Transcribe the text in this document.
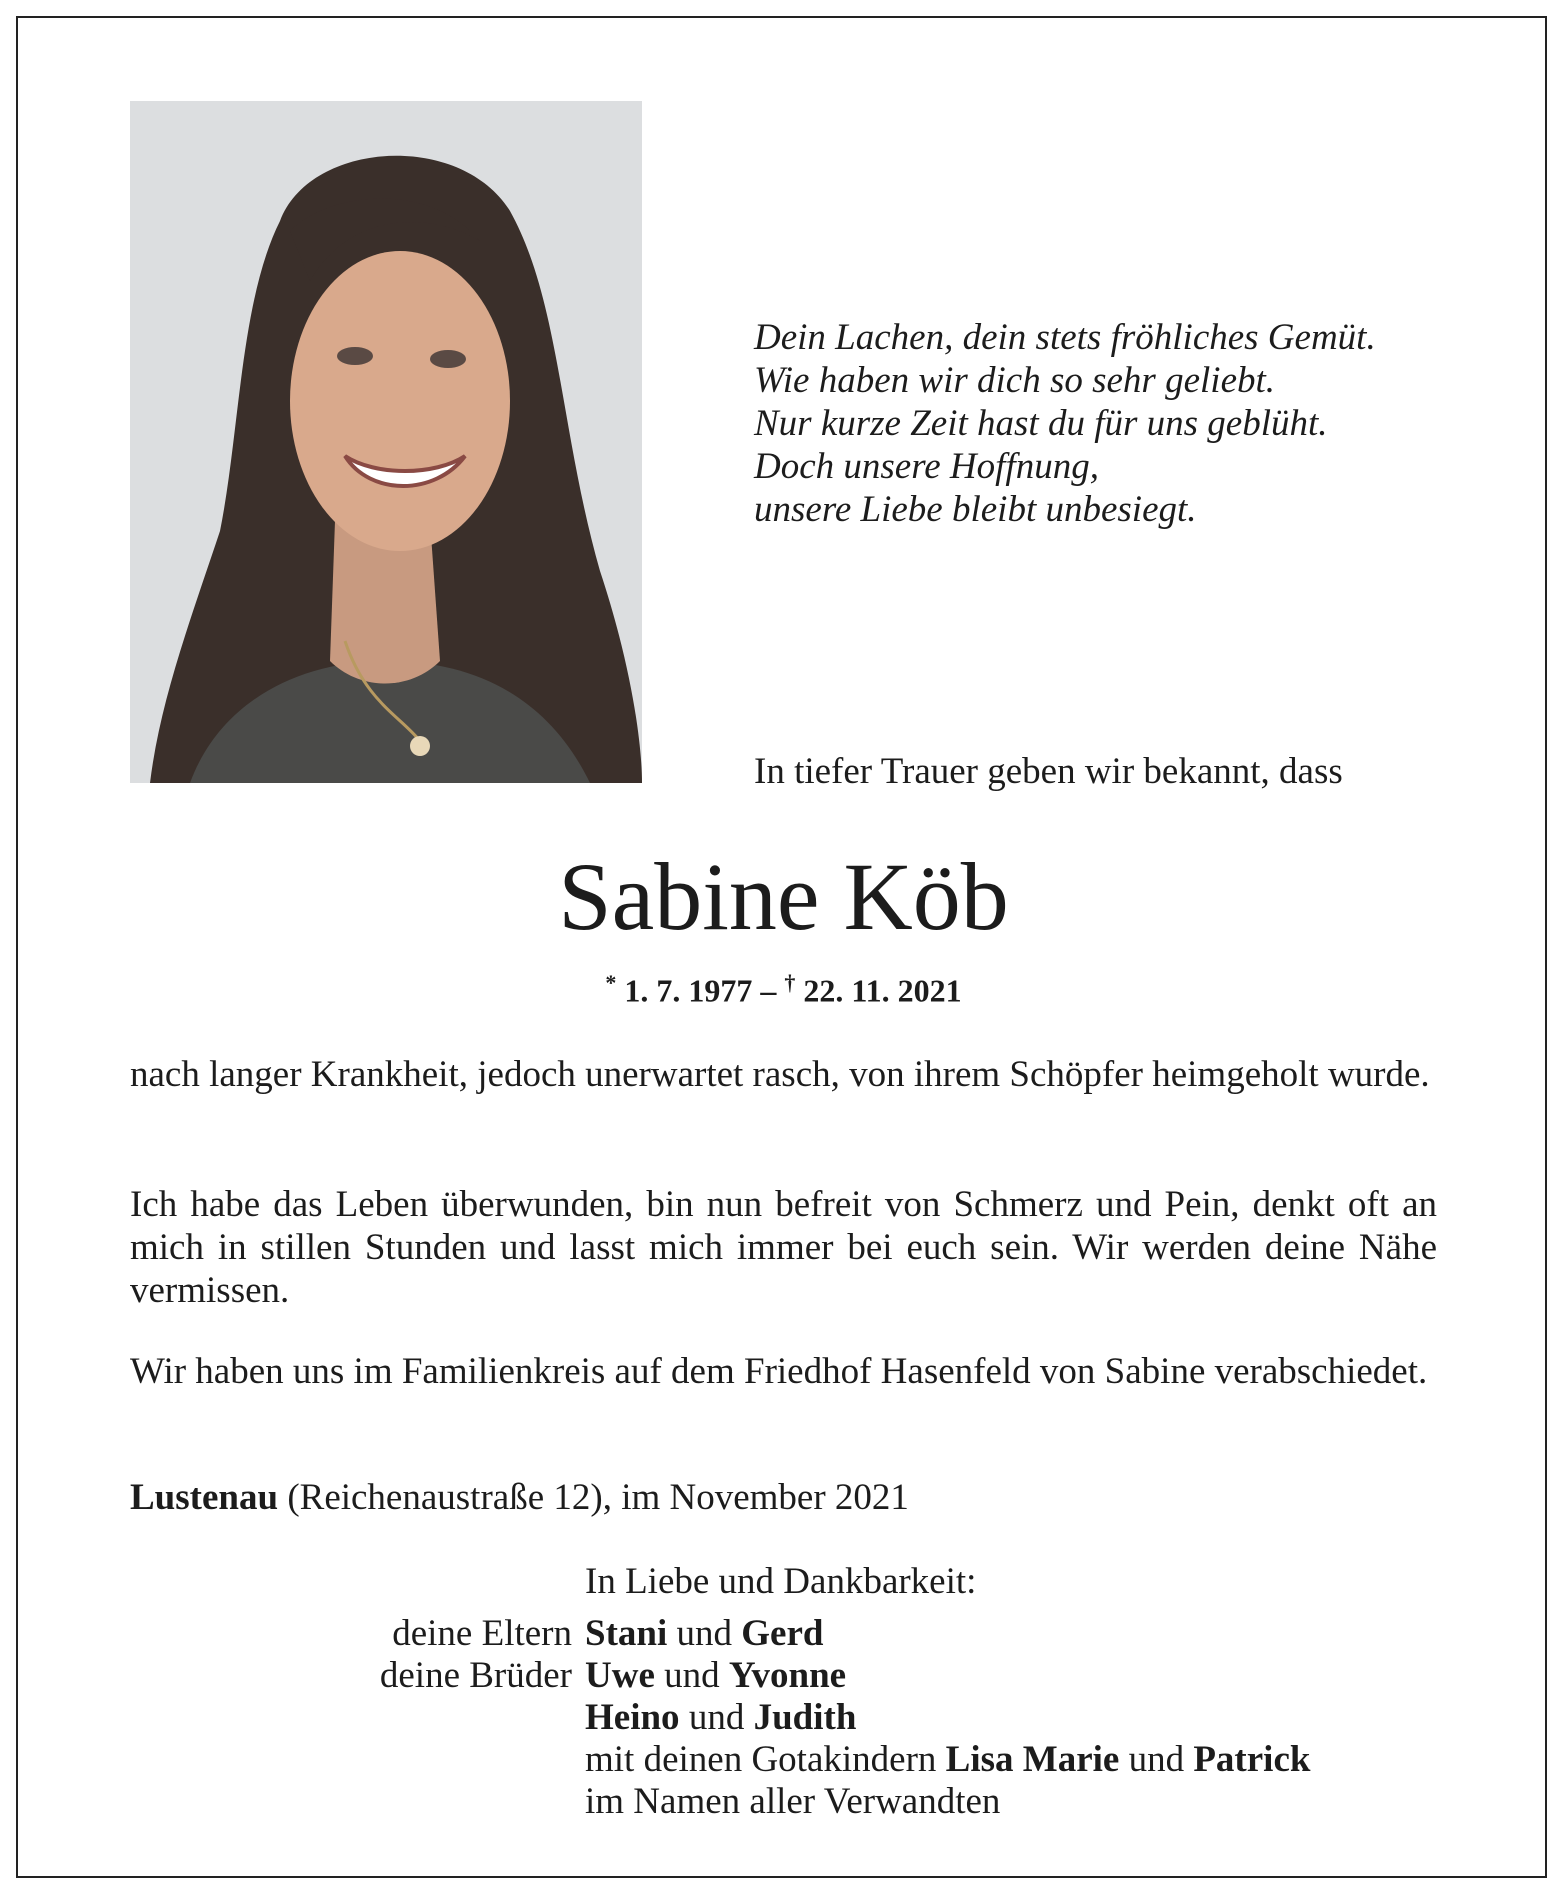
Dein Lachen, dein stets fröhliches Gemüt.
Wie haben wir dich so sehr geliebt.
Nur kurze Zeit hast du für uns geblüht.
Doch unsere Hoffnung,
unsere Liebe bleibt unbesiegt.
In tiefer Trauer geben wir bekannt, dass
Sabine Köb
* 1. 7. 1977 – † 22. 11. 2021
nach langer Krankheit, jedoch unerwartet rasch, von ihrem Schöpfer heimgeholt wurde.
Ich habe das Leben überwunden, bin nun befreit von Schmerz und Pein, denkt oft an mich in stillen Stunden und lasst mich immer bei euch sein. Wir werden deine Nähe vermissen.
Wir haben uns im Familienkreis auf dem Friedhof Hasenfeld von Sabine verabschiedet.
Lustenau (Reichenaustraße 12), im November 2021
In Liebe und Dankbarkeit:
deine Eltern Stani und Gerd
deine Brüder Uwe und Yvonne
Heino und Judith
mit deinen Gotakindern Lisa Marie und Patrick
im Namen aller Verwandten
